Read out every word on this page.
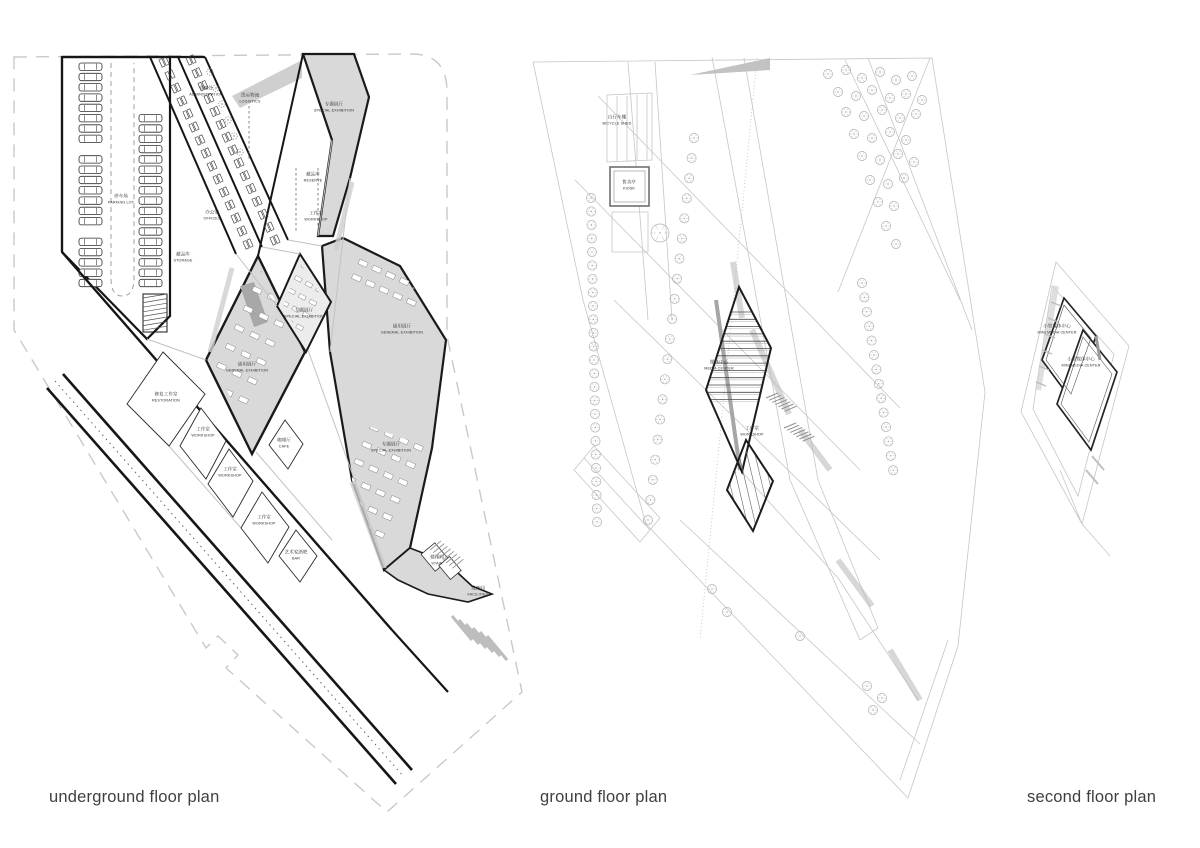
停车场
PARKING LOT
管理处
ADMINISTRATION	货运物流
LOGISTICS
专题展厅
SPECIAL EXHIBITION
办公室
OFFICES
藏品库
STORAGE
藏品库
RESERVE
工作室
WORKSHOP
专题展厅
SPECIAL EXHIBITION
通用展厅
GENERAL EXHIBITION
通用展厅
GENERAL EXHIBITION
专题展厅
SPECIAL EXHIBITION
修复工作室
RESTORATION
工作室
WORKSHOP
咖啡厅
CAFE
工作室
WORKSHOP
工作室
WORKSHOP
艺术家酒吧
BAR	楼梯间
STAIR
设备间
FACILITIES
自行车棚
BICYCLE SHED
售卖亭
KIOSK
媒体中心
MEDIA CENTER
工作室
WORKSHOP
小型媒体中心
MINI MEDIA CENTER
小型媒体中心
MINI MEDIA CENTER
underground floor plan	ground floor plan	second floor plan
